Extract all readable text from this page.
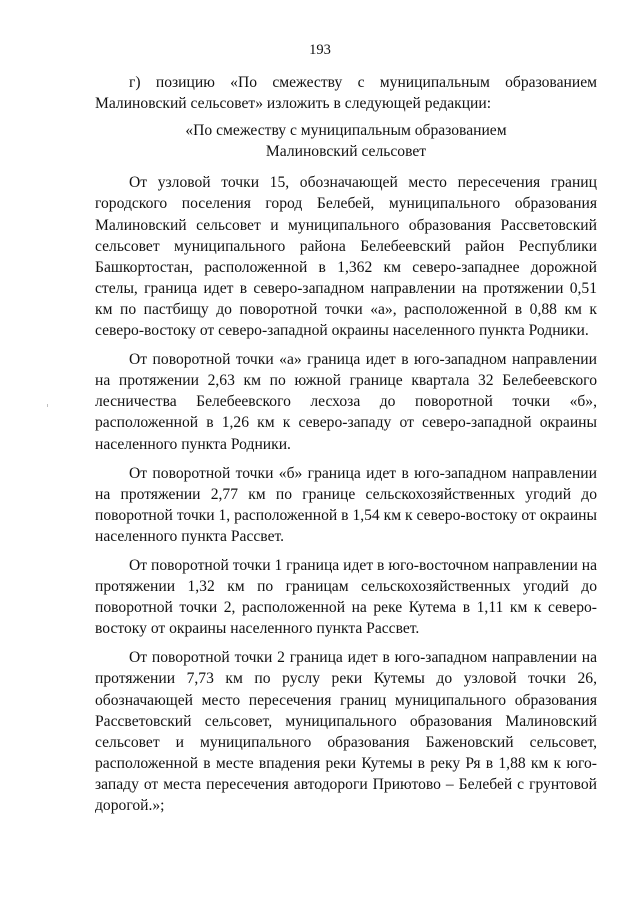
193

г) позицию «По смежеству с муниципальным образованием Малиновский сельсовет» изложить в следующей редакции:

«По смежеству с муниципальным образованием
Малиновский сельсовет

От узловой точки 15, обозначающей место пересечения границ городского поселения город Белебей, муниципального образования Малиновский сельсовет и муниципального образования Рассветовский сельсовет муниципального района Белебеевский район Республики Башкортостан, расположенной в 1,362 км северо-западнее дорожной стелы, граница идет в северо-западном направлении на протяжении 0,51 км по пастбищу до поворотной точки «а», расположенной в 0,88 км к северо-востоку от северо-западной окраины населенного пункта Родники.

От поворотной точки «а» граница идет в юго-западном направлении на протяжении 2,63 км по южной границе квартала 32 Белебеевского лесничества Белебеевского лесхоза до поворотной точки «б», расположенной в 1,26 км к северо-западу от северо-западной окраины населенного пункта Родники.

От поворотной точки «б» граница идет в юго-западном направлении на протяжении 2,77 км по границе сельскохозяйственных угодий до поворотной точки 1, расположенной в 1,54 км к северо-востоку от окраины населенного пункта Рассвет.

От поворотной точки 1 граница идет в юго-восточном направлении на протяжении 1,32 км по границам сельскохозяйственных угодий до поворотной точки 2, расположенной на реке Кутема в 1,11 км к северо-востоку от окраины населенного пункта Рассвет.

От поворотной точки 2 граница идет в юго-западном направлении на протяжении 7,73 км по руслу реки Кутемы до узловой точки 26, обозначающей место пересечения границ муниципального образования Рассветовский сельсовет, муниципального образования Малиновский сельсовет и муниципального образования Баженовский сельсовет, расположенной в месте впадения реки Кутемы в реку Ря в 1,88 км к юго-западу от места пересечения автодороги Приютово – Белебей с грунтовой дорогой.»;
